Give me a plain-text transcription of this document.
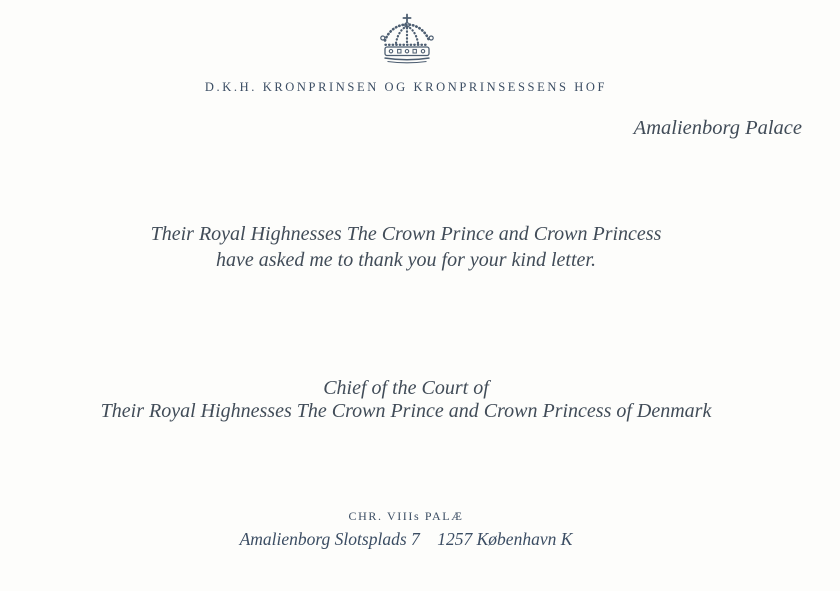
D.K.H. KRONPRINSEN OG KRONPRINSESSENS HOF
Amalienborg Palace
Their Royal Highnesses The Crown Prince and Crown Princess
have asked me to thank you for your kind letter.
Chief of the Court of
Their Royal Highnesses The Crown Prince and Crown Princess of Denmark
CHR. VIIIs PALÆ
Amalienborg Slotsplads 7    1257 København K
